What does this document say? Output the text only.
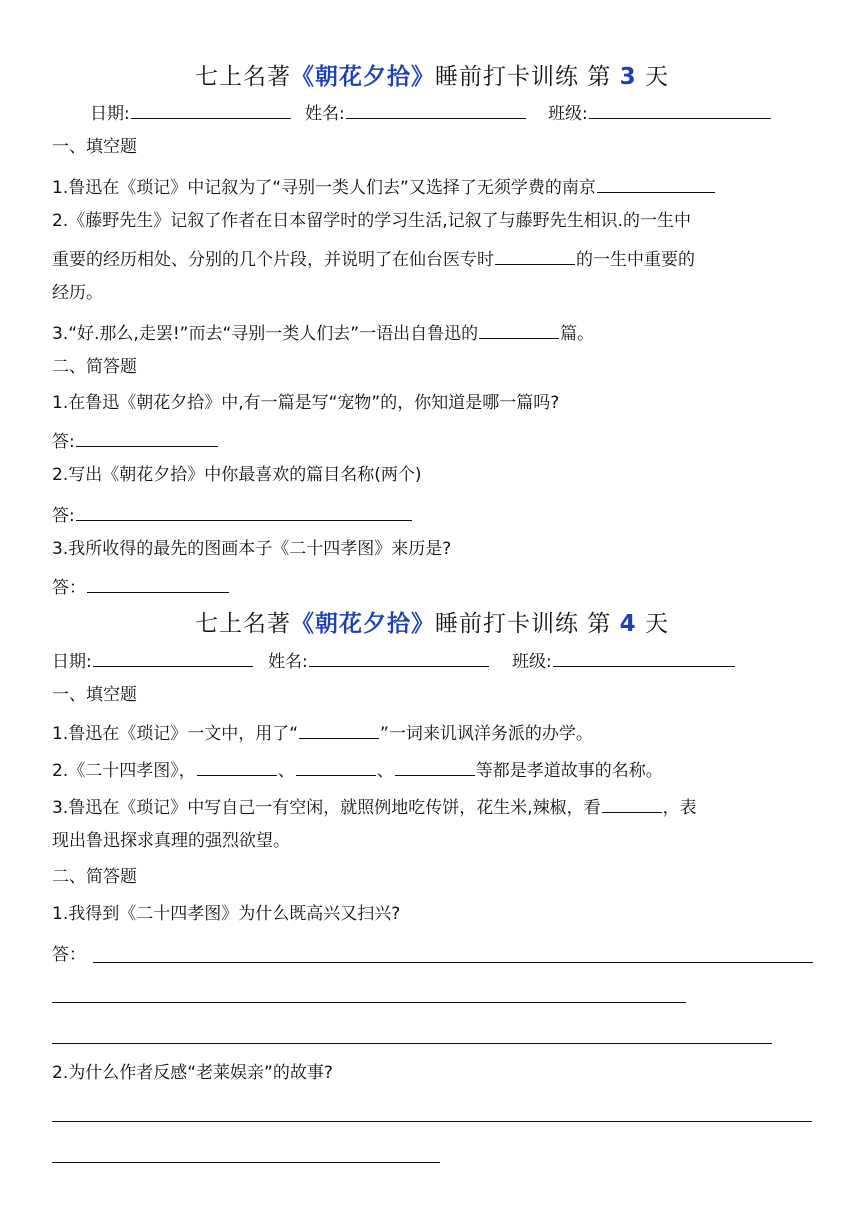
七上名著《朝花夕拾》睡前打卡训练 第 3 天
日期:	姓名:	班级:
一、填空题
1.鲁迅在《琐记》中记叙为了“寻别一类人们去”又选择了无须学费的南京
2.《藤野先生》记叙了作者在日本留学时的学习生活,记叙了与藤野先生相识.的一生中
重要的经历相处、分别的几个片段，并说明了在仙台医专时	的一生中重要的
经历。
3.“好.那么,走罢!”而去“寻别一类人们去”一语出自鲁迅的	篇。
二、简答题
1.在鲁迅《朝花夕拾》中,有一篇是写“宠物”的，你知道是哪一篇吗?
答:
2.写出《朝花夕拾》中你最喜欢的篇目名称(两个)
答:
3.我所收得的最先的图画本子《二十四孝图》来历是?
答：
七上名著《朝花夕拾》睡前打卡训练 第 4 天
日期:	姓名:	班级:
一、填空题
1.鲁迅在《琐记》一文中，用了“	”一词来讥讽洋务派的办学。
2.《二十四孝图》，	、	、	等都是孝道故事的名称。
3.鲁迅在《琐记》中写自己一有空闲，就照例地吃传饼，花生米,辣椒，看	，表
现出鲁迅探求真理的强烈欲望。
二、简答题
1.我得到《二十四孝图》为什么既高兴又扫兴?
答：
2.为什么作者反感“老莱娱亲”的故事?
